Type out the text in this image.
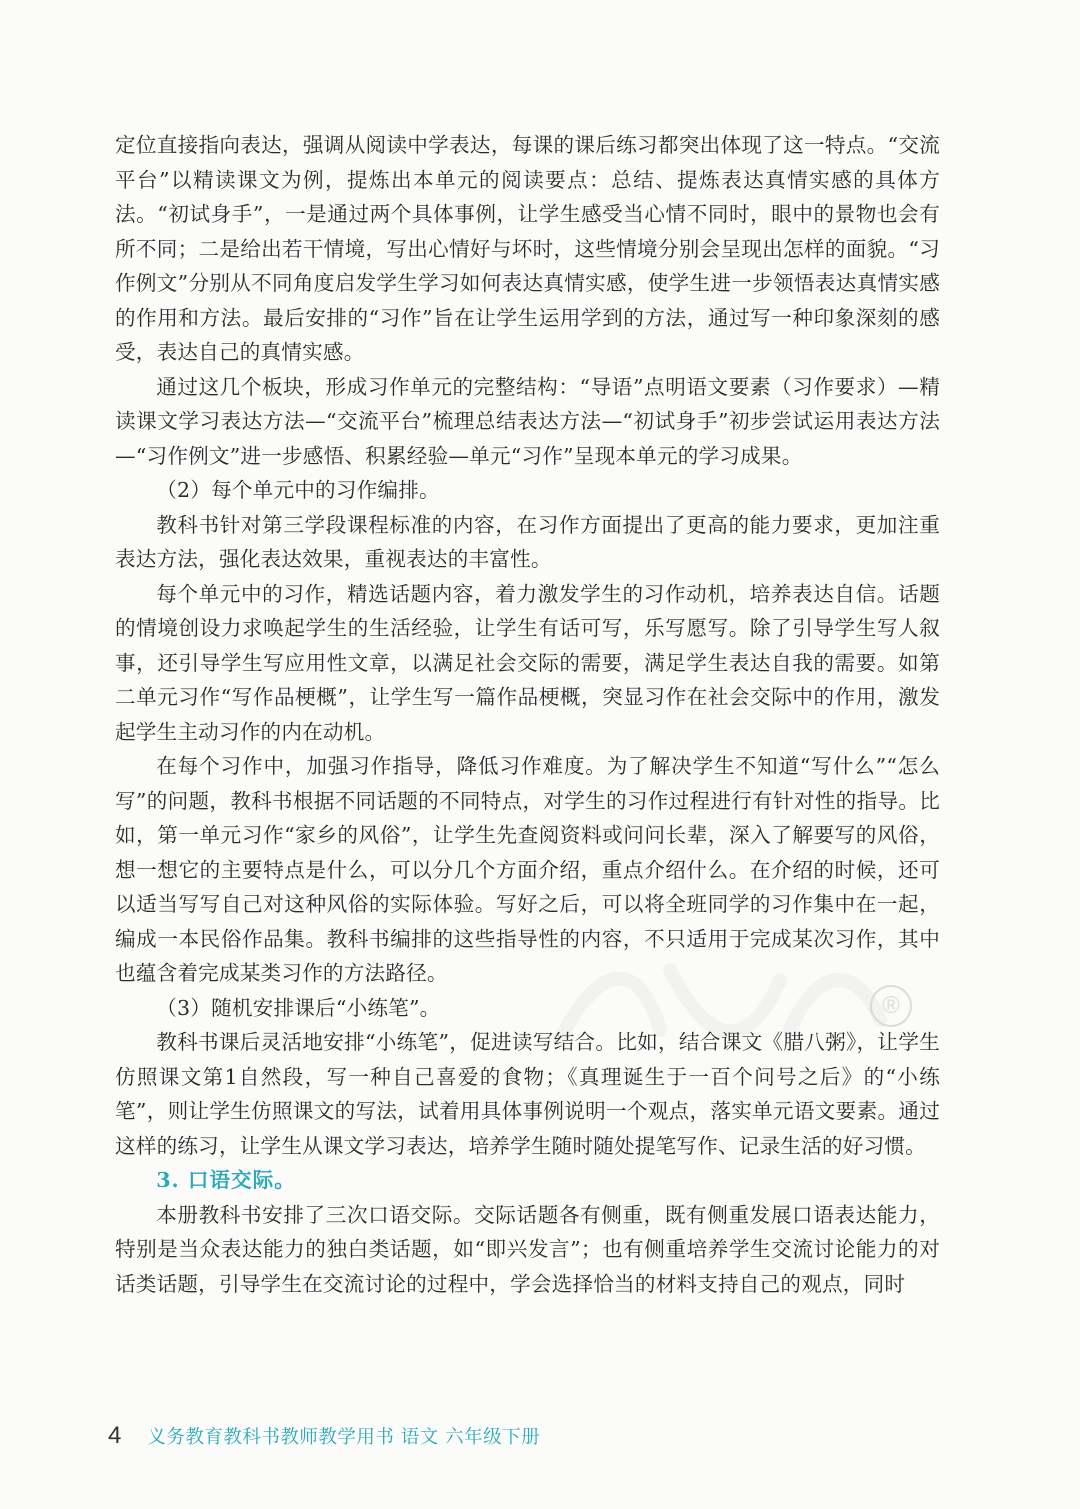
定位直接指向表达，强调从阅读中学表达，每课的课后练习都突出体现了这一特点。“交流平台”以精读课文为例，提炼出本单元的阅读要点：总结、提炼表达真情实感的具体方法。“初试身手”，一是通过两个具体事例，让学生感受当心情不同时，眼中的景物也会有所不同；二是给出若干情境，写出心情好与坏时，这些情境分别会呈现出怎样的面貌。“习作例文”分别从不同角度启发学生学习如何表达真情实感，使学生进一步领悟表达真情实感的作用和方法。最后安排的“习作”旨在让学生运用学到的方法，通过写一种印象深刻的感受，表达自己的真情实感。

通过这几个板块，形成习作单元的完整结构：“导语”点明语文要素（习作要求）—精读课文学习表达方法—“交流平台”梳理总结表达方法—“初试身手”初步尝试运用表达方法—“习作例文”进一步感悟、积累经验—单元“习作”呈现本单元的学习成果。

（2）每个单元中的习作编排。

教科书针对第三学段课程标准的内容，在习作方面提出了更高的能力要求，更加注重表达方法，强化表达效果，重视表达的丰富性。

每个单元中的习作，精选话题内容，着力激发学生的习作动机，培养表达自信。话题的情境创设力求唤起学生的生活经验，让学生有话可写，乐写愿写。除了引导学生写人叙事，还引导学生写应用性文章，以满足社会交际的需要，满足学生表达自我的需要。如第二单元习作“写作品梗概”，让学生写一篇作品梗概，突显习作在社会交际中的作用，激发起学生主动习作的内在动机。

在每个习作中，加强习作指导，降低习作难度。为了解决学生不知道“写什么”“怎么写”的问题，教科书根据不同话题的不同特点，对学生的习作过程进行有针对性的指导。比如，第一单元习作“家乡的风俗”，让学生先查阅资料或问问长辈，深入了解要写的风俗，想一想它的主要特点是什么，可以分几个方面介绍，重点介绍什么。在介绍的时候，还可以适当写写自己对这种风俗的实际体验。写好之后，可以将全班同学的习作集中在一起，编成一本民俗作品集。教科书编排的这些指导性的内容，不只适用于完成某次习作，其中也蕴含着完成某类习作的方法路径。

（3）随机安排课后“小练笔”。

教科书课后灵活地安排“小练笔”，促进读写结合。比如，结合课文《腊八粥》，让学生仿照课文第1自然段，写一种自己喜爱的食物；《真理诞生于一百个问号之后》的“小练笔”，则让学生仿照课文的写法，试着用具体事例说明一个观点，落实单元语文要素。通过这样的练习，让学生从课文学习表达，培养学生随时随处提笔写作、记录生活的好习惯。

3. 口语交际。

本册教科书安排了三次口语交际。交际话题各有侧重，既有侧重发展口语表达能力，特别是当众表达能力的独白类话题，如“即兴发言”；也有侧重培养学生交流讨论能力的对话类话题，引导学生在交流讨论的过程中，学会选择恰当的材料支持自己的观点，同时

®
4 义务教育教科书教师教学用书 语文 六年级下册
